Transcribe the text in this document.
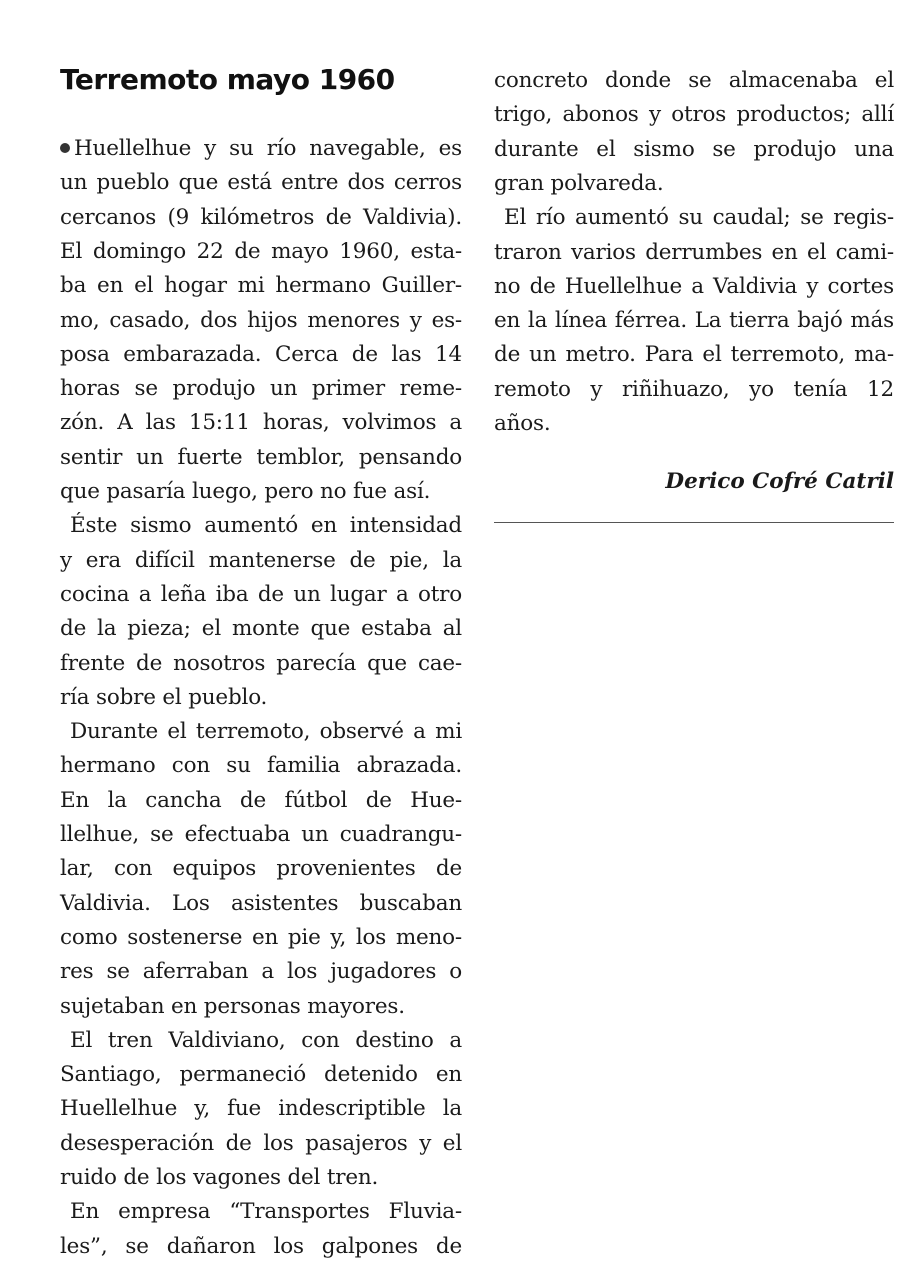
Terremoto mayo 1960
Huellelhue y su río navegable, es
un pueblo que está entre dos cerros
cercanos (9 kilómetros de Valdivia).
El domingo 22 de mayo 1960, esta-
ba en el hogar mi hermano Guiller-
mo, casado, dos hijos menores y es-
posa embarazada. Cerca de las 14
horas se produjo un primer reme-
zón. A las 15:11 horas, volvimos a
sentir un fuerte temblor, pensando
que pasaría luego, pero no fue así.
Éste sismo aumentó en intensidad
y era difícil mantenerse de pie, la
cocina a leña iba de un lugar a otro
de la pieza; el monte que estaba al
frente de nosotros parecía que cae-
ría sobre el pueblo.
Durante el terremoto, observé a mi
hermano con su familia abrazada.
En la cancha de fútbol de Hue-
llelhue, se efectuaba un cuadrangu-
lar, con equipos provenientes de
Valdivia. Los asistentes buscaban
como sostenerse en pie y, los meno-
res se aferraban a los jugadores o
sujetaban en personas mayores.
El tren Valdiviano, con destino a
Santiago, permaneció detenido en
Huellelhue y, fue indescriptible la
desesperación de los pasajeros y el
ruido de los vagones del tren.
En empresa “Transportes Fluvia-
les”, se dañaron los galpones de
concreto donde se almacenaba el
trigo, abonos y otros productos; allí
durante el sismo se produjo una
gran polvareda.
El río aumentó su caudal; se regis-
traron varios derrumbes en el cami-
no de Huellelhue a Valdivia y cortes
en la línea férrea. La tierra bajó más
de un metro. Para el terremoto, ma-
remoto y riñihuazo, yo tenía 12
años.
Derico Cofré Catril
